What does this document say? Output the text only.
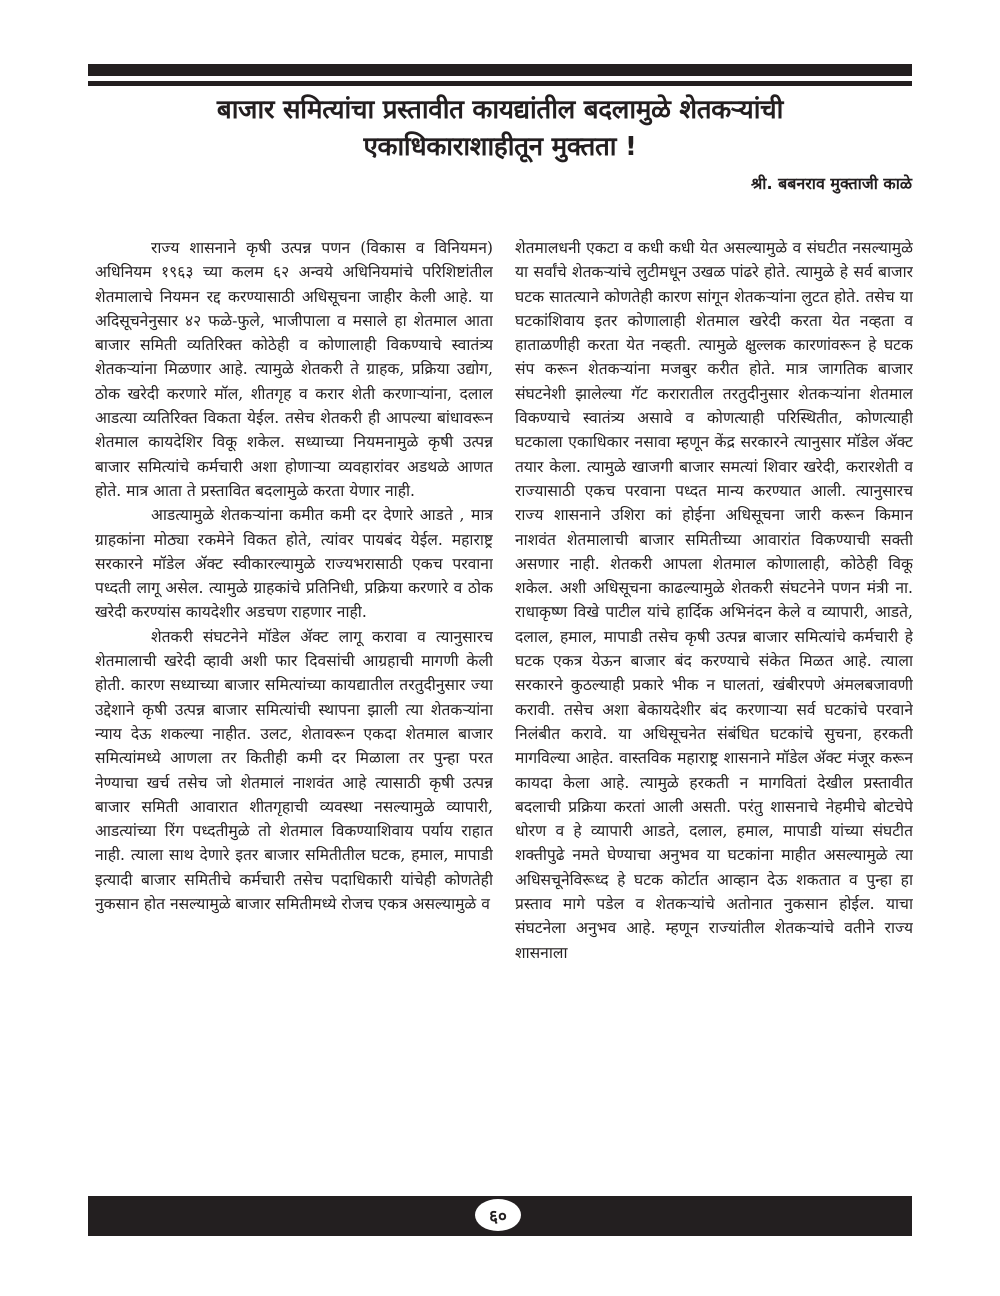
बाजार समित्यांचा प्रस्तावीत कायद्यांतील बदलामुळे शेतकऱ्यांची
एकाधिकाराशाहीतून मुक्तता !
श्री. बबनराव मुक्ताजी काळे

राज्य शासनाने कृषी उत्पन्न पणन (विकास व विनियमन) अधिनियम १९६३ च्या कलम ६२ अन्वये अधिनियमांचे परिशिष्टांतील शेतमालाचे नियमन रद्द करण्यासाठी अधिसूचना जाहीर केली आहे. या अदिसूचनेनुसार ४२ फळे-फुले, भाजीपाला व मसाले हा शेतमाल आता बाजार समिती व्यतिरिक्त कोठेही व कोणालाही विकण्याचे स्वातंत्र्य शेतकऱ्यांना मिळणार आहे. त्यामुळे शेतकरी ते ग्राहक, प्रक्रिया उद्योग, ठोक खरेदी करणारे मॉल, शीतगृह व करार शेती करणाऱ्यांना, दलाल आडत्या व्यतिरिक्त विकता येईल. तसेच शेतकरी ही आपल्या बांधावरून शेतमाल कायदेशिर विकू शकेल. सध्याच्या नियमनामुळे कृषी उत्पन्न बाजार समित्यांचे कर्मचारी अशा होणाऱ्या व्यवहारांवर अडथळे आणत होते. मात्र आता ते प्रस्तावित बदलामुळे करता येणार नाही.

आडत्यामुळे शेतकऱ्यांना कमीत कमी दर देणारे आडते , मात्र ग्राहकांना मोठ्या रकमेने विकत होते, त्यांवर पायबंद येईल. महाराष्ट्र सरकारने मॉडेल ॲक्ट स्वीकारल्यामुळे राज्यभरासाठी एकच परवाना पध्दती लागू असेल. त्यामुळे ग्राहकांचे प्रतिनिधी, प्रक्रिया करणारे व ठोक खरेदी करण्यांस कायदेशीर अडचण राहणार नाही.

शेतकरी संघटनेने मॉडेल ॲक्ट लागू करावा व त्यानुसारच शेतमालाची खरेदी व्हावी अशी फार दिवसांची आग्रहाची मागणी केली होती. कारण सध्याच्या बाजार समित्यांच्या कायद्यातील तरतुदीनुसार ज्या उद्देशाने कृषी उत्पन्न बाजार समित्यांची स्थापना झाली त्या शेतकऱ्यांना न्याय देऊ शकल्या नाहीत. उलट, शेतावरून एकदा शेतमाल बाजार समित्यांमध्ये आणला तर कितीही कमी दर मिळाला तर पुन्हा परत नेण्याचा खर्च तसेच जो शेतमालं नाशवंत आहे त्यासाठी कृषी उत्पन्न बाजार समिती आवारात शीतगृहाची व्यवस्था नसल्यामुळे व्यापारी, आडत्यांच्या रिंग पध्दतीमुळे तो शेतमाल विकण्याशिवाय पर्याय राहात नाही. त्याला साथ देणारे इतर बाजार समितीतील घटक, हमाल, मापाडी इत्यादी बाजार समितीचे कर्मचारी तसेच पदाधिकारी यांचेही कोणतेही नुकसान होत नसल्यामुळे बाजार समितीमध्ये रोजच एकत्र असल्यामुळे व

शेतमालधनी एकटा व कधी कधी येत असल्यामुळे व संघटीत नसल्यामुळे या सर्वांचे शेतकऱ्यांचे लुटीमधून उखळ पांढरे होते. त्यामुळे हे सर्व बाजार घटक सातत्याने कोणतेही कारण सांगून शेतकऱ्यांना लुटत होते. तसेच या घटकांशिवाय इतर कोणालाही शेतमाल खरेदी करता येत नव्हता व हाताळणीही करता येत नव्हती. त्यामुळे क्षुल्लक कारणांवरून हे घटक संप करून शेतकऱ्यांना मजबुर करीत होते. मात्र जागतिक बाजार संघटनेशी झालेल्या गॅट करारातील तरतुदीनुसार शेतकऱ्यांना शेतमाल विकण्याचे स्वातंत्र्य असावे व कोणत्याही परिस्थितीत, कोणत्याही घटकाला एकाधिकार नसावा म्हणून केंद्र सरकारने त्यानुसार मॉडेल ॲक्ट तयार केला. त्यामुळे खाजगी बाजार समत्यां शिवार खरेदी, करारशेती व राज्यासाठी एकच परवाना पध्दत मान्य करण्यात आली. त्यानुसारच राज्य शासनाने उशिरा कां होईना अधिसूचना जारी करून किमान नाशवंत शेतमालाची बाजार समितीच्या आवारांत विकण्याची सक्ती असणार नाही. शेतकरी आपला शेतमाल कोणालाही, कोठेही विकू शकेल. अशी अधिसूचना काढल्यामुळे शेतकरी संघटनेने पणन मंत्री ना. राधाकृष्ण विखे पाटील यांचे हार्दिक अभिनंदन केले व व्यापारी, आडते, दलाल, हमाल, मापाडी तसेच कृषी उत्पन्न बाजार समित्यांचे कर्मचारी हे घटक एकत्र येऊन बाजार बंद करण्याचे संकेत मिळत आहे. त्याला सरकारने कुठल्याही प्रकारे भीक न घालतां, खंबीरपणे अंमलबजावणी करावी. तसेच अशा बेकायदेशीर बंद करणाऱ्या सर्व घटकांचे परवाने निलंबीत करावे. या अधिसूचनेत संबंधित घटकांचे सुचना, हरकती मागविल्या आहेत. वास्तविक महाराष्ट्र शासनाने मॉडेल ॲक्ट मंजूर करून कायदा केला आहे. त्यामुळे हरकती न मागवितां देखील प्रस्तावीत बदलाची प्रक्रिया करतां आली असती. परंतु शासनाचे नेहमीचे बोटचेपे धोरण व हे व्यापारी आडते, दलाल, हमाल, मापाडी यांच्या संघटीत शक्तीपुढे नमते घेण्याचा अनुभव या घटकांना माहीत असल्यामुळे त्या अधिसचूनेविरूध्द हे घटक कोर्टात आव्हान देऊ शकतात व पुन्हा हा प्रस्ताव मागे पडेल व शेतकऱ्यांचे अतोनात नुकसान होईल. याचा संघटनेला अनुभव आहे. म्हणून राज्यांतील शेतकऱ्यांचे वतीने राज्य शासनाला

६०
